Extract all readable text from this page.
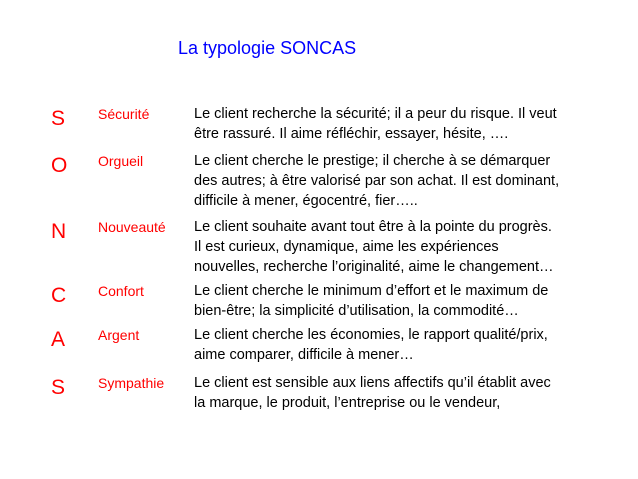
La typologie SONCAS
S Sécurité	Le client recherche la sécurité; il a peur du risque. Il veut
être rassuré. Il aime réfléchir, essayer, hésite, ….
O Orgueil	Le client cherche le prestige; il cherche à se démarquer
des autres; à être valorisé par son achat. Il est dominant,
difficile à mener, égocentré, fier…..
N Nouveauté Le client souhaite avant tout être à la pointe du progrès.
Il est curieux, dynamique, aime les expériences
nouvelles, recherche l’originalité, aime le changement…
C Confort	Le client cherche le minimum d’effort et le maximum de
bien-être; la simplicité d’utilisation, la commodité…
A Argent	Le client cherche les économies, le rapport qualité/prix,
aime comparer, difficile à mener…
S Sympathie Le client est sensible aux liens affectifs qu’il établit avec
la marque, le produit, l’entreprise ou le vendeur,
